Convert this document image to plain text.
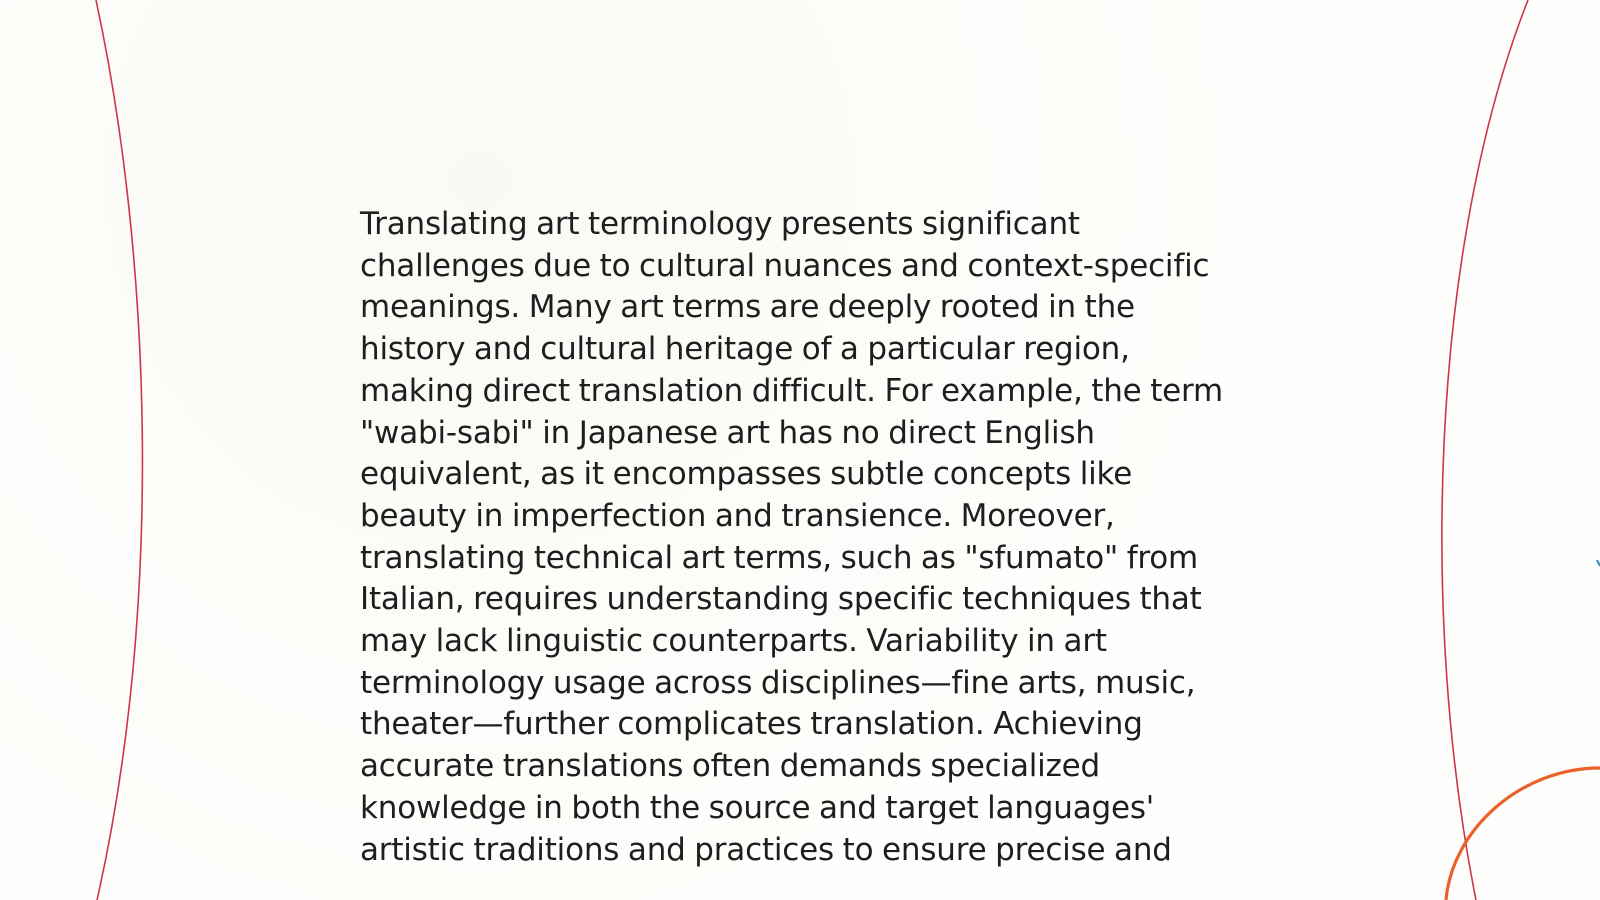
Translating art terminology presents significant challenges due to cultural nuances and context-specific meanings. Many art terms are deeply rooted in the history and cultural heritage of a particular region, making direct translation difficult. For example, the term "wabi-sabi" in Japanese art has no direct English equivalent, as it encompasses subtle concepts like beauty in imperfection and transience. Moreover, translating technical art terms, such as "sfumato" from Italian, requires understanding specific techniques that may lack linguistic counterparts. Variability in art terminology usage across disciplines—fine arts, music, theater—further complicates translation. Achieving accurate translations often demands specialized knowledge in both the source and target languages' artistic traditions and practices to ensure precise and
